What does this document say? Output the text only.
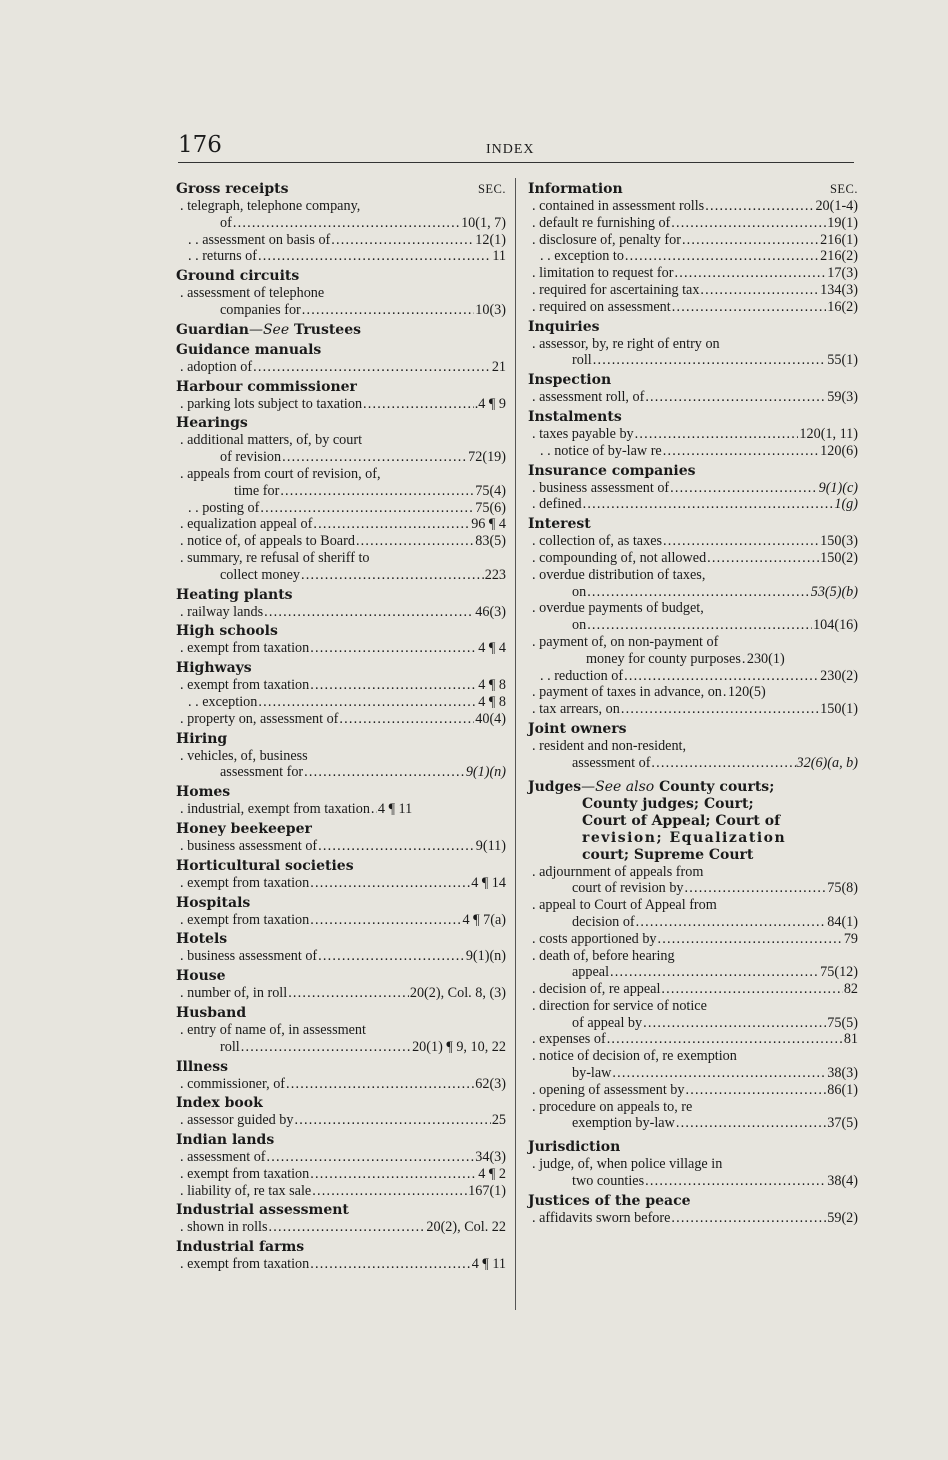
176	INDEX
Gross receipts	SEC.
. telegraph, telephone company,
of .....	10(1, 7)
. . assessment on basis of .....	12(1)
. . returns of .....	11
Ground circuits
. assessment of telephone
companies for .....	10(3)
Guardian—See Trustees
Guidance manuals
. adoption of .....	21
Harbour commissioner
. parking lots subject to taxation .....	.4 ¶ 9
Hearings
. additional matters, of, by court
of revision .....	72(19)
. appeals from court of revision, of,
time for .....	75(4)
. . posting of .....	75(6)
. equalization appeal of .....	96 ¶ 4
. notice of, of appeals to Board .....	83(5)
. summary, re refusal of sheriff to
collect money .....	223
Heating plants
. railway lands .....	46(3)
High schools
. exempt from taxation .....	4 ¶ 4
Highways
. exempt from taxation .....	4 ¶ 8
. . exception .....	4 ¶ 8
. property on, assessment of .....	40(4)
Hiring
. vehicles, of, business
assessment for .....	9(1)(n)
Homes
. industrial, exempt from taxation ..... 4 ¶ 11
Honey beekeeper
. business assessment of .....	9(11)
Horticultural societies
. exempt from taxation .....	4 ¶ 14
Hospitals
. exempt from taxation .....	4 ¶ 7(a)
Hotels
. business assessment of .....	9(1)(n)
House
. number of, in roll .....	20(2), Col. 8, (3)
Husband
. entry of name of, in assessment
roll .....	20(1) ¶ 9, 10, 22
Illness
. commissioner, of .....	62(3)
Index book
. assessor guided by .....	25
Indian lands
. assessment of .....	34(3)
. exempt from taxation .....	4 ¶ 2
. liability of, re tax sale .....	167(1)
Industrial assessment
. shown in rolls .....	20(2), Col. 22
Industrial farms
. exempt from taxation .....	4 ¶ 11
Information	SEC.
. contained in assessment rolls .....	20(1-4)
. default re furnishing of .....	19(1)
. disclosure of, penalty for .....	216(1)
. . exception to .....	216(2)
. limitation to request for .....	17(3)
. required for ascertaining tax .....	134(3)
. required on assessment .....	16(2)
Inquiries
. assessor, by, re right of entry on
roll .....	55(1)
Inspection
. assessment roll, of .....	59(3)
Instalments
. taxes payable by .....	120(1, 11)
. . notice of by-law re .....	120(6)
Insurance companies
. business assessment of .....	9(1)(c)
. defined .....	1(g)
Interest
. collection of, as taxes .....	150(3)
. compounding of, not allowed .....	150(2)
. overdue distribution of taxes,
on .....	53(5)(b)
. overdue payments of budget,
on .....	104(16)
. payment of, on non-payment of
money for county purposes ..... 230(1)
. . reduction of .....	230(2)
. payment of taxes in advance, on ..... 120(5)
. tax arrears, on .....	150(1)
Joint owners
. resident and non-resident,
assessment of .....	32(6)(a, b)
Judges—See also County courts;
County judges; Court;
Court of Appeal; Court of
revision; Equalization
court; Supreme Court
. adjournment of appeals from
court of revision by .....	75(8)
. appeal to Court of Appeal from
decision of .....	84(1)
. costs apportioned by .....	79
. death of, before hearing
appeal .....	75(12)
. decision of, re appeal .....	82
. direction for service of notice
of appeal by .....	75(5)
. expenses of .....	81
. notice of decision of, re exemption
by-law .....	38(3)
. opening of assessment by .....	86(1)
. procedure on appeals to, re
exemption by-law .....	37(5)
Jurisdiction
. judge, of, when police village in
two counties .....	38(4)
Justices of the peace
. affidavits sworn before .....	59(2)
